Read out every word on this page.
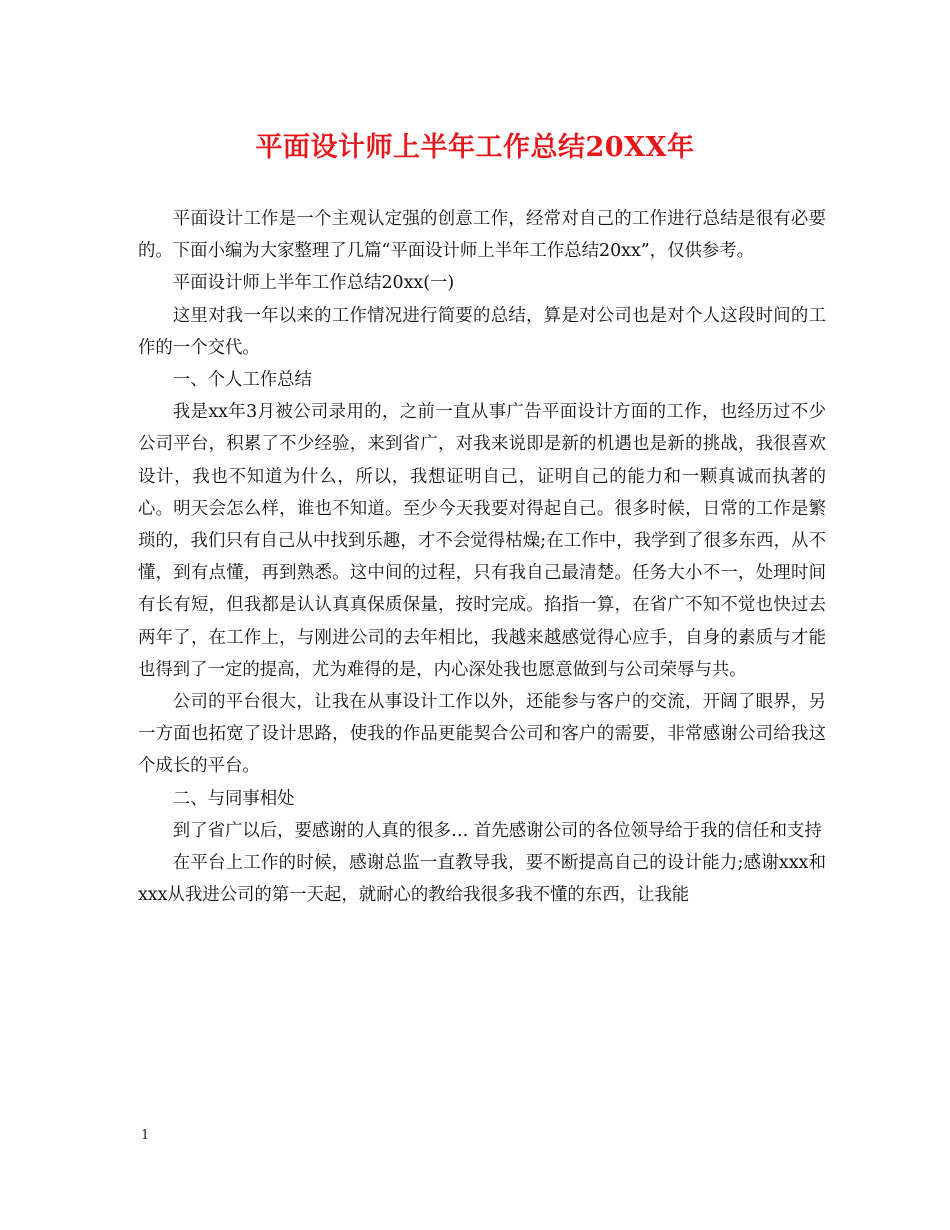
平面设计师上半年工作总结20XX年

平面设计工作是一个主观认定强的创意工作，经常对自己的工作进行总结是很有必要的。下面小编为大家整理了几篇“平面设计师上半年工作总结20xx”，仅供参考。

平面设计师上半年工作总结20xx(一)

这里对我一年以来的工作情况进行简要的总结，算是对公司也是对个人这段时间的工作的一个交代。

一、个人工作总结

我是xx年3月被公司录用的，之前一直从事广告平面设计方面的工作，也经历过不少公司平台，积累了不少经验，来到省广，对我来说即是新的机遇也是新的挑战，我很喜欢设计，我也不知道为什么，所以，我想证明自己，证明自己的能力和一颗真诚而执著的心。明天会怎么样，谁也不知道。至少今天我要对得起自己。很多时候，日常的工作是繁琐的，我们只有自己从中找到乐趣，才不会觉得枯燥;在工作中，我学到了很多东西，从不懂，到有点懂，再到熟悉。这中间的过程，只有我自己最清楚。任务大小不一，处理时间有长有短，但我都是认认真真保质保量，按时完成。掐指一算，在省广不知不觉也快过去两年了，在工作上，与刚进公司的去年相比，我越来越感觉得心应手，自身的素质与才能也得到了一定的提高，尤为难得的是，内心深处我也愿意做到与公司荣辱与共。

公司的平台很大，让我在从事设计工作以外，还能参与客户的交流，开阔了眼界，另一方面也拓宽了设计思路，使我的作品更能契合公司和客户的需要，非常感谢公司给我这个成长的平台。

二、与同事相处

到了省广以后，要感谢的人真的很多… 首先感谢公司的各位领导给于我的信任和支持

在平台上工作的时候，感谢总监一直教导我，要不断提高自己的设计能力;感谢xxx和xxx从我进公司的第一天起，就耐心的教给我很多我不懂的东西，让我能

1
